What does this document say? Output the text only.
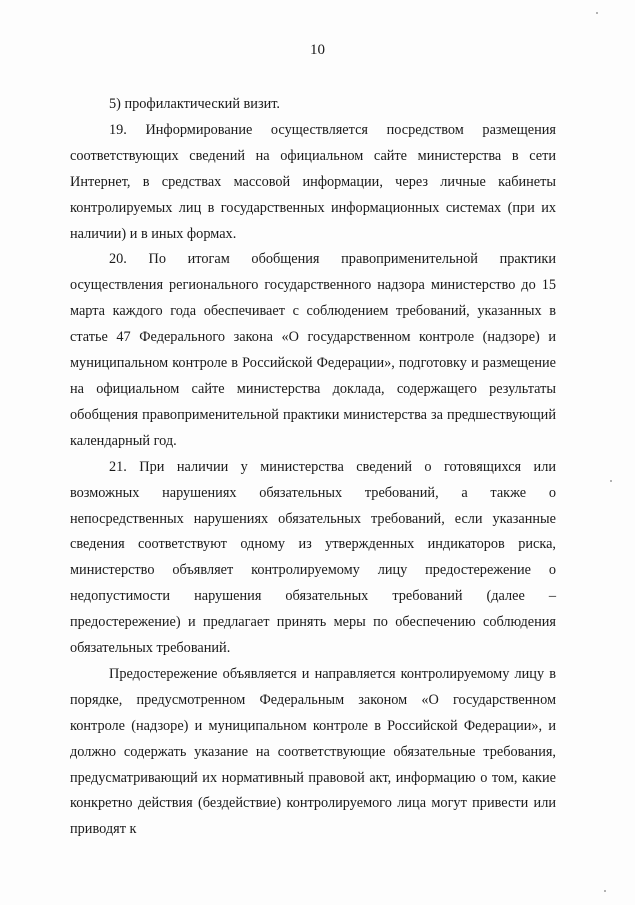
10

5) профилактический визит.

19. Информирование осуществляется посредством размещения соответствующих сведений на официальном сайте министерства в сети Интернет, в средствах массовой информации, через личные кабинеты контролируемых лиц в государственных информационных системах (при их наличии) и в иных формах.

20. По итогам обобщения правоприменительной практики осуществления регионального государственного надзора министерство до 15 марта каждого года обеспечивает с соблюдением требований, указанных в статье 47 Федерального закона «О государственном контроле (надзоре) и муниципальном контроле в Российской Федерации», подготовку и размещение на официальном сайте министерства доклада, содержащего результаты обобщения правоприменительной практики министерства за предшествующий календарный год.

21. При наличии у министерства сведений о готовящихся или возможных нарушениях обязательных требований, а также о непосредственных нарушениях обязательных требований, если указанные сведения соответствуют одному из утвержденных индикаторов риска, министерство объявляет контролируемому лицу предостережение о недопустимости нарушения обязательных требований (далее – предостережение) и предлагает принять меры по обеспечению соблюдения обязательных требований.

Предостережение объявляется и направляется контролируемому лицу в порядке, предусмотренном Федеральным законом «О государственном контроле (надзоре) и муниципальном контроле в Российской Федерации», и должно содержать указание на соответствующие обязательные требования, предусматривающий их нормативный правовой акт, информацию о том, какие конкретно действия (бездействие) контролируемого лица могут привести или приводят к
